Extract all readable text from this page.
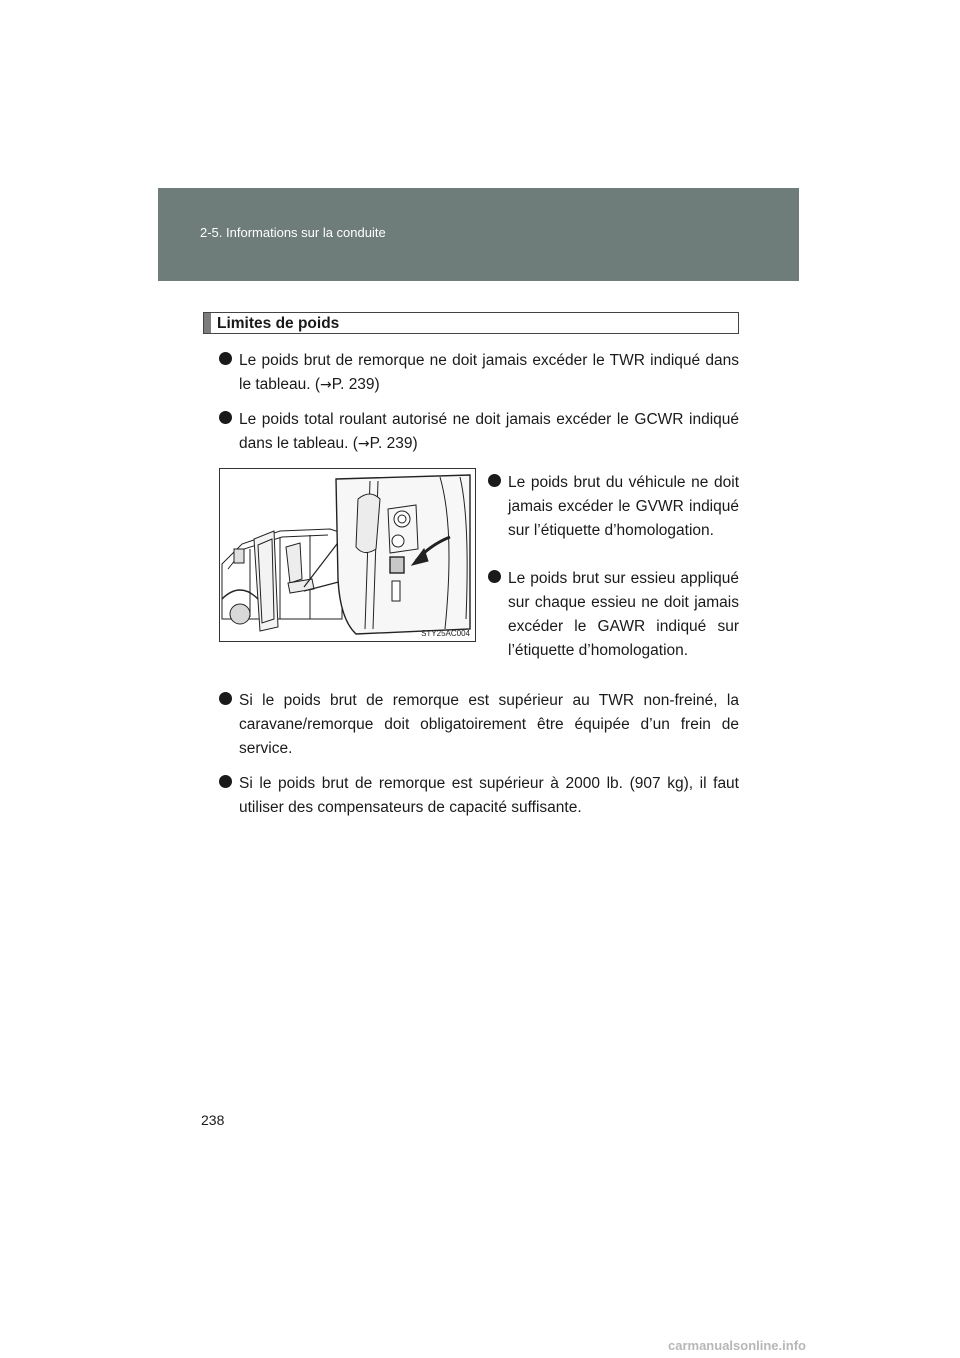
2-5. Informations sur la conduite
Limites de poids
Le poids brut de remorque ne doit jamais excéder le TWR indiqué dans le tableau. (→P. 239)
Le poids total roulant autorisé ne doit jamais excéder le GCWR indiqué dans le tableau. (→P. 239)
STY25AC004
Le poids brut du véhicule ne doit jamais excéder le GVWR indiqué sur l’étiquette d’homologation.
Le poids brut sur essieu appliqué sur chaque essieu ne doit jamais excéder le GAWR indiqué sur l’étiquette d’homologation.
Si le poids brut de remorque est supérieur au TWR non-freiné, la caravane/remorque doit obligatoirement être équipée d’un frein de service.
Si le poids brut de remorque est supérieur à 2000 lb. (907 kg), il faut utiliser des compensateurs de capacité suffisante.
238
carmanualsonline.info
